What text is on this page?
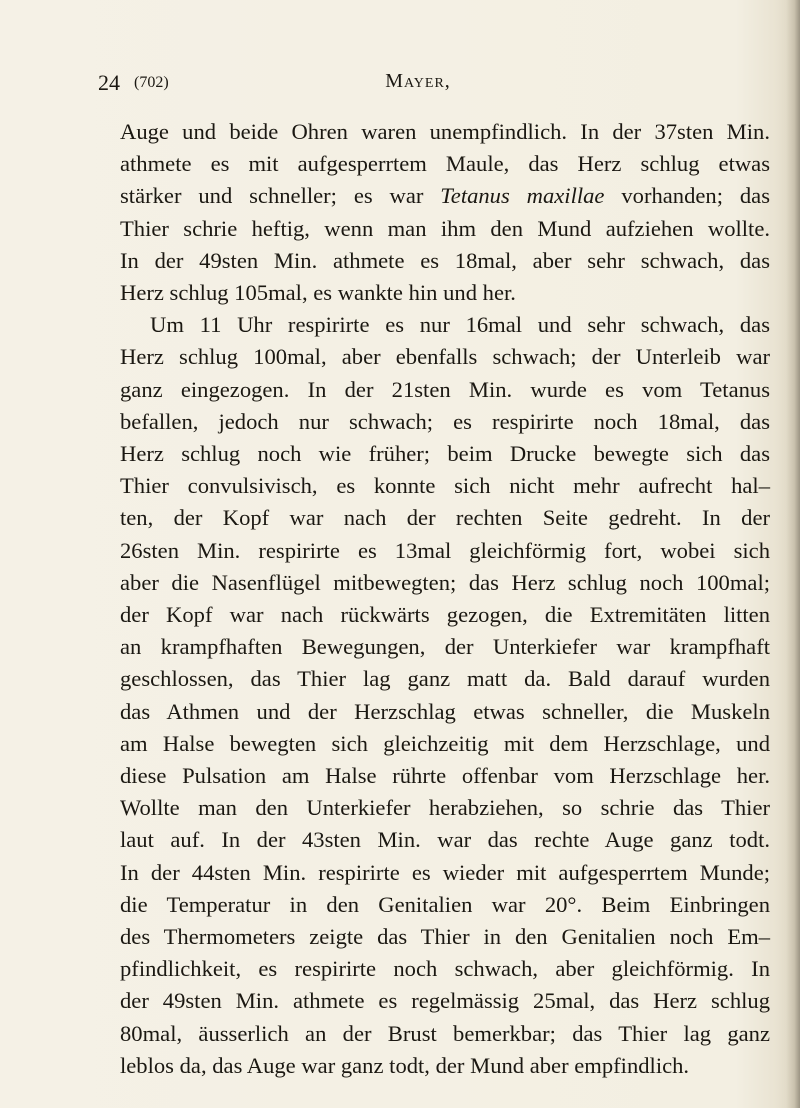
24 (702)	Mayer,
Auge und beide Ohren waren unempfindlich. In der 37sten Min.
athmete es mit aufgesperrtem Maule, das Herz schlug etwas
stärker und schneller; es war Tetanus maxillae vorhanden; das
Thier schrie heftig, wenn man ihm den Mund aufziehen wollte.
In der 49sten Min. athmete es 18mal, aber sehr schwach, das
Herz schlug 105mal, es wankte hin und her.
Um 11 Uhr respirirte es nur 16mal und sehr schwach, das
Herz schlug 100mal, aber ebenfalls schwach; der Unterleib war
ganz eingezogen. In der 21sten Min. wurde es vom Tetanus
befallen, jedoch nur schwach; es respirirte noch 18mal, das
Herz schlug noch wie früher; beim Drucke bewegte sich das
Thier convulsivisch, es konnte sich nicht mehr aufrecht hal–
ten, der Kopf war nach der rechten Seite gedreht. In der
26sten Min. respirirte es 13mal gleichförmig fort, wobei sich
aber die Nasenflügel mitbewegten; das Herz schlug noch 100mal;
der Kopf war nach rückwärts gezogen, die Extremitäten litten
an krampfhaften Bewegungen, der Unterkiefer war krampfhaft
geschlossen, das Thier lag ganz matt da. Bald darauf wurden
das Athmen und der Herzschlag etwas schneller, die Muskeln
am Halse bewegten sich gleichzeitig mit dem Herzschlage, und
diese Pulsation am Halse rührte offenbar vom Herzschlage her.
Wollte man den Unterkiefer herabziehen, so schrie das Thier
laut auf. In der 43sten Min. war das rechte Auge ganz todt.
In der 44sten Min. respirirte es wieder mit aufgesperrtem Munde;
die Temperatur in den Genitalien war 20°. Beim Einbringen
des Thermometers zeigte das Thier in den Genitalien noch Em–
pfindlichkeit, es respirirte noch schwach, aber gleichförmig. In
der 49sten Min. athmete es regelmässig 25mal, das Herz schlug
80mal, äusserlich an der Brust bemerkbar; das Thier lag ganz
leblos da, das Auge war ganz todt, der Mund aber empfindlich.
